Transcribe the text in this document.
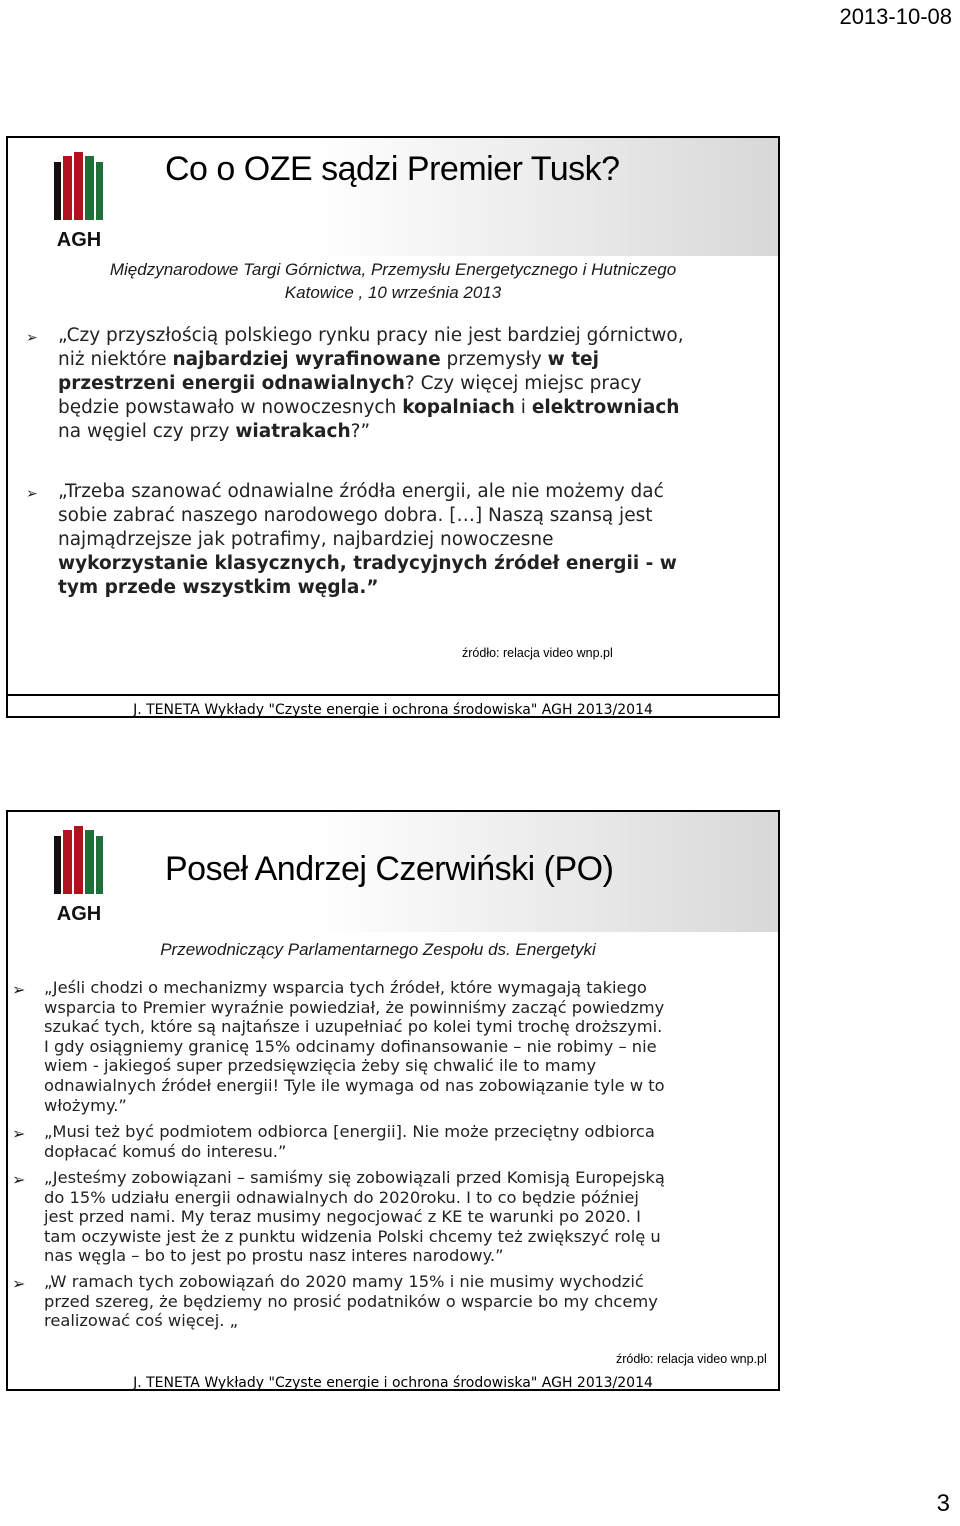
2013-10-08
AGH
Co o OZE sądzi Premier Tusk?
Międzynarodowe Targi Górnictwa, Przemysłu Energetycznego i Hutniczego
Katowice , 10 września 2013
➢ „Czy przyszłością polskiego rynku pracy nie jest bardziej górnictwo,
niż niektóre najbardziej wyrafinowane przemysły w tej
przestrzeni energii odnawialnych? Czy więcej miejsc pracy
będzie powstawało w nowoczesnych kopalniach i elektrowniach
na węgiel czy przy wiatrakach?”
➢ „Trzeba szanować odnawialne źródła energii, ale nie możemy dać
sobie zabrać naszego narodowego dobra. […] Naszą szansą jest
najmądrzejsze jak potrafimy, najbardziej nowoczesne
wykorzystanie klasycznych, tradycyjnych źródeł energii - w
tym przede wszystkim węgla.”
źródło: relacja video wnp.pl
J. TENETA Wykłady "Czyste energie i ochrona środowiska" AGH 2013/2014
AGH
Poseł Andrzej Czerwiński (PO)
Przewodniczący Parlamentarnego Zespołu ds. Energetyki
➢ „Jeśli chodzi o mechanizmy wsparcia tych źródeł, które wymagają takiego
wsparcia to Premier wyraźnie powiedział, że powinniśmy zacząć powiedzmy
szukać tych, które są najtańsze i uzupełniać po kolei tymi trochę droższymi.
I gdy osiągniemy granicę 15% odcinamy dofinansowanie – nie robimy – nie
wiem - jakiegoś super przedsięwzięcia żeby się chwalić ile to mamy
odnawialnych źródeł energii! Tyle ile wymaga od nas zobowiązanie tyle w to
włożymy.”
➢ „Musi też być podmiotem odbiorca [energii]. Nie może przeciętny odbiorca
dopłacać komuś do interesu.”
➢ „Jesteśmy zobowiązani – samiśmy się zobowiązali przed Komisją Europejską
do 15% udziału energii odnawialnych do 2020roku. I to co będzie później
jest przed nami. My teraz musimy negocjować z KE te warunki po 2020. I
tam oczywiste jest że z punktu widzenia Polski chcemy też zwiększyć rolę u
nas węgla – bo to jest po prostu nasz interes narodowy.”
➢ „W ramach tych zobowiązań do 2020 mamy 15% i nie musimy wychodzić
przed szereg, że będziemy no prosić podatników o wsparcie bo my chcemy
realizować coś więcej. „
źródło: relacja video wnp.pl
J. TENETA Wykłady "Czyste energie i ochrona środowiska" AGH 2013/2014
3
